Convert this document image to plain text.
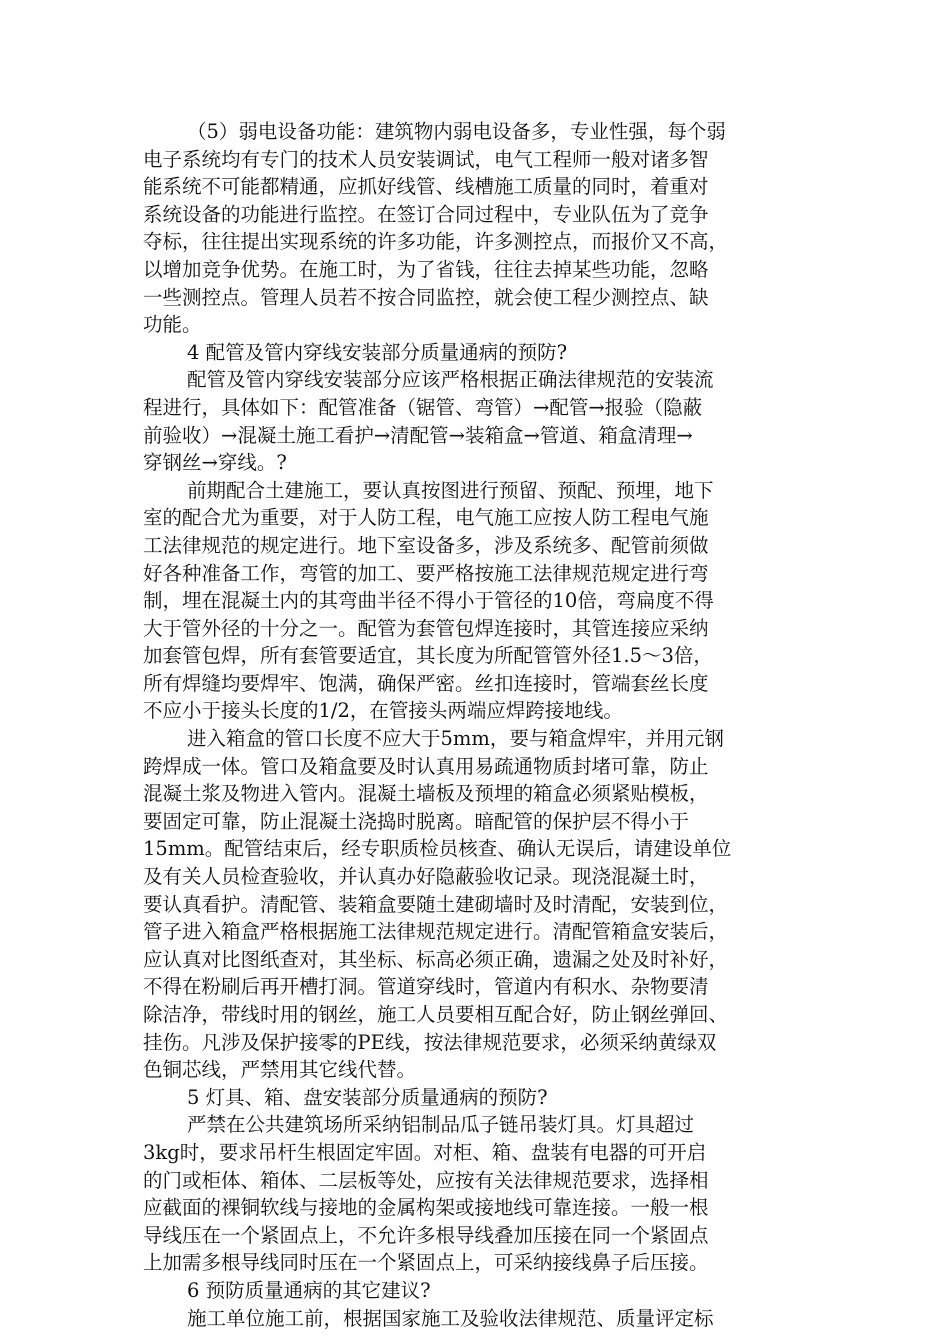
（5）弱电设备功能：建筑物内弱电设备多，专业性强，每个弱
电子系统均有专门的技术人员安装调试，电气工程师一般对诸多智
能系统不可能都精通，应抓好线管、线槽施工质量的同时，着重对
系统设备的功能进行监控。在签订合同过程中，专业队伍为了竞争
夺标，往往提出实现系统的许多功能，许多测控点，而报价又不高，
以增加竞争优势。在施工时，为了省钱，往往去掉某些功能，忽略
一些测控点。管理人员若不按合同监控，就会使工程少测控点、缺
功能。
4 配管及管内穿线安装部分质量通病的预防?
配管及管内穿线安装部分应该严格根据正确法律规范的安装流
程进行，具体如下：配管准备（锯管、弯管）→配管→报验（隐蔽
前验收）→混凝土施工看护→清配管→装箱盒→管道、箱盒清理→
穿钢丝→穿线。?
前期配合土建施工，要认真按图进行预留、预配、预埋，地下
室的配合尤为重要，对于人防工程，电气施工应按人防工程电气施
工法律规范的规定进行。地下室设备多，涉及系统多、配管前须做
好各种准备工作，弯管的加工、要严格按施工法律规范规定进行弯
制，埋在混凝土内的其弯曲半径不得小于管径的10倍，弯扁度不得
大于管外径的十分之一。配管为套管包焊连接时，其管连接应采纳
加套管包焊，所有套管要适宜，其长度为所配管管外径1.5～3倍，
所有焊缝均要焊牢、饱满，确保严密。丝扣连接时，管端套丝长度
不应小于接头长度的1/2，在管接头两端应焊跨接地线。
进入箱盒的管口长度不应大于5mm，要与箱盒焊牢，并用元钢
跨焊成一体。管口及箱盒要及时认真用易疏通物质封堵可靠，防止
混凝土浆及物进入管内。混凝土墙板及预埋的箱盒必须紧贴模板，
要固定可靠，防止混凝土浇捣时脱离。暗配管的保护层不得小于
15mm。配管结束后，经专职质检员核查、确认无误后，请建设单位
及有关人员检查验收，并认真办好隐蔽验收记录。现浇混凝土时，
要认真看护。清配管、装箱盒要随土建砌墙时及时清配，安装到位，
管子进入箱盒严格根据施工法律规范规定进行。清配管箱盒安装后，
应认真对比图纸查对，其坐标、标高必须正确，遗漏之处及时补好，
不得在粉刷后再开槽打洞。管道穿线时，管道内有积水、杂物要清
除洁净，带线时用的钢丝，施工人员要相互配合好，防止钢丝弹回、
挂伤。凡涉及保护接零的PE线，按法律规范要求，必须采纳黄绿双
色铜芯线，严禁用其它线代替。
5 灯具、箱、盘安装部分质量通病的预防?
严禁在公共建筑场所采纳铝制品瓜子链吊装灯具。灯具超过
3kg时，要求吊杆生根固定牢固。对柜、箱、盘装有电器的可开启
的门或柜体、箱体、二层板等处，应按有关法律规范要求，选择相
应截面的裸铜软线与接地的金属构架或接地线可靠连接。一般一根
导线压在一个紧固点上，不允许多根导线叠加压接在同一个紧固点
上加需多根导线同时压在一个紧固点上，可采纳接线鼻子后压接。
6 预防质量通病的其它建议?
施工单位施工前，根据国家施工及验收法律规范、质量评定标
